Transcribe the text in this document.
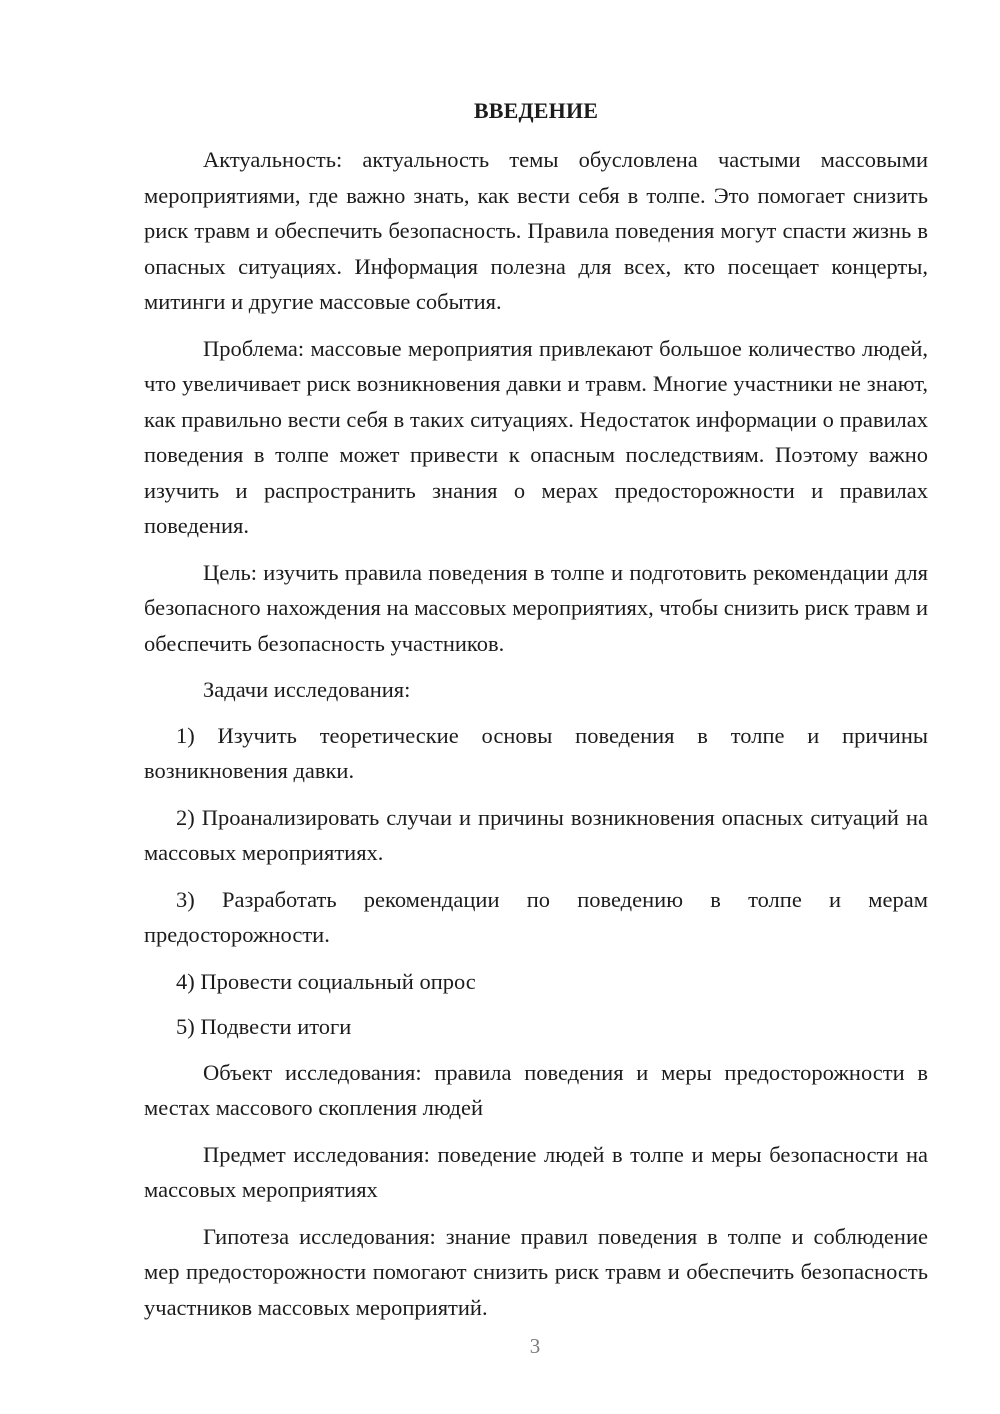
ВВЕДЕНИЕ

Актуальность: актуальность темы обусловлена частыми массовыми мероприятиями, где важно знать, как вести себя в толпе. Это помогает снизить риск травм и обеспечить безопасность. Правила поведения могут спасти жизнь в опасных ситуациях. Информация полезна для всех, кто посещает концерты, митинги и другие массовые события.

Проблема: массовые мероприятия привлекают большое количество людей, что увеличивает риск возникновения давки и травм. Многие участники не знают, как правильно вести себя в таких ситуациях. Недостаток информации о правилах поведения в толпе может привести к опасным последствиям. Поэтому важно изучить и распространить знания о мерах предосторожности и правилах поведения.

Цель: изучить правила поведения в толпе и подготовить рекомендации для безопасного нахождения на массовых мероприятиях, чтобы снизить риск травм и обеспечить безопасность участников.

Задачи исследования:

1) Изучить теоретические основы поведения в толпе и причины возникновения давки.

2) Проанализировать случаи и причины возникновения опасных ситуаций на массовых мероприятиях.

3) Разработать рекомендации по поведению в толпе и мерам предосторожности.

4) Провести социальный опрос

5) Подвести итоги

Объект исследования: правила поведения и меры предосторожности в местах массового скопления людей

Предмет исследования: поведение людей в толпе и меры безопасности на массовых мероприятиях

Гипотеза исследования: знание правил поведения в толпе и соблюдение мер предосторожности помогают снизить риск травм и обеспечить безопасность участников массовых мероприятий.

3
